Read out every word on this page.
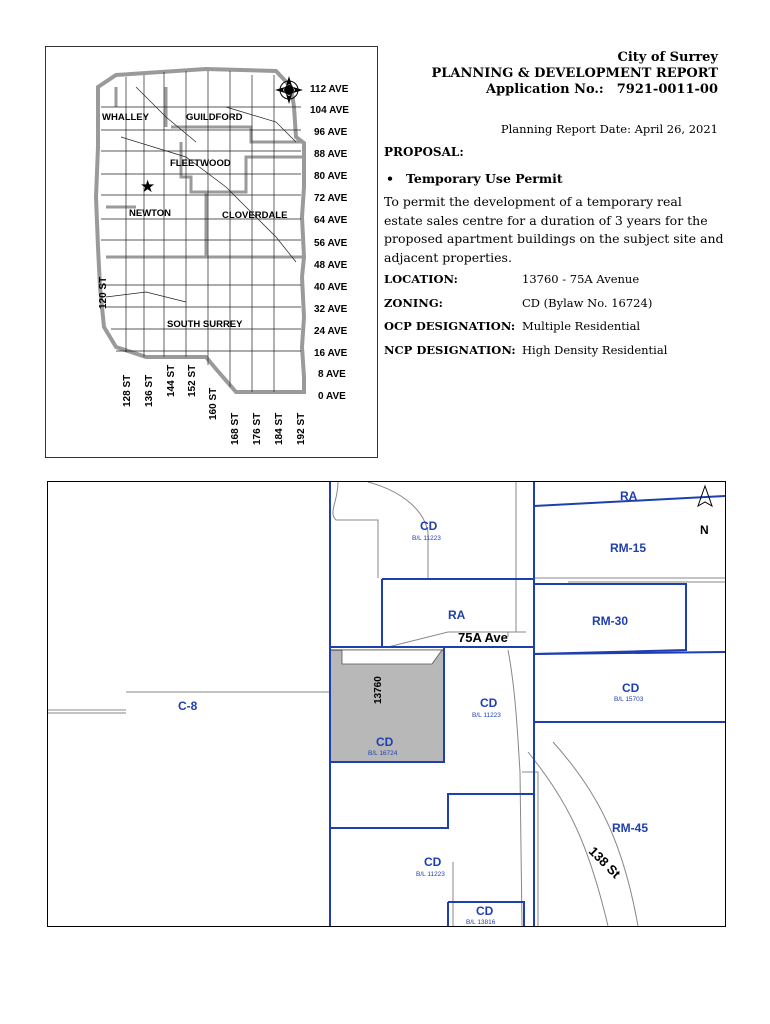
★
WHALLEY	GUILDFORD
FLEETWOOD
NEWTON	CLOVERDALE
SOUTH SURREY
112 AVE
104 AVE
96 AVE
88 AVE
80 AVE
72 AVE
64 AVE
56 AVE
48 AVE
40 AVE
32 AVE
24 AVE
16 AVE
8 AVE
0 AVE
120 ST
128 ST 136 ST 144 ST 152 ST
160 ST
168 ST 176 ST 184 ST 192 ST
City of Surrey
PLANNING & DEVELOPMENT REPORT
Application No.: 7921-0011-00
Planning Report Date: April 26, 2021
PROPOSAL:
• Temporary Use Permit
To permit the development of a temporary real estate sales centre for a duration of 3 years for the proposed apartment buildings on the subject site and adjacent properties.
LOCATION:	13760 - 75A Avenue
ZONING:	CD (Bylaw No. 16724)
OCP DESIGNATION: Multiple Residential
NCP DESIGNATION: High Density Residential
N
CD
B/L 11223
RA
RM-15
RA	RM-30
75A Ave
CD
B/L 15703
C-8	CD
B/L 11223
13760
CD
B/L 16724
RM-45
138 St
CD
B/L 11223
CD
B/L 13816
